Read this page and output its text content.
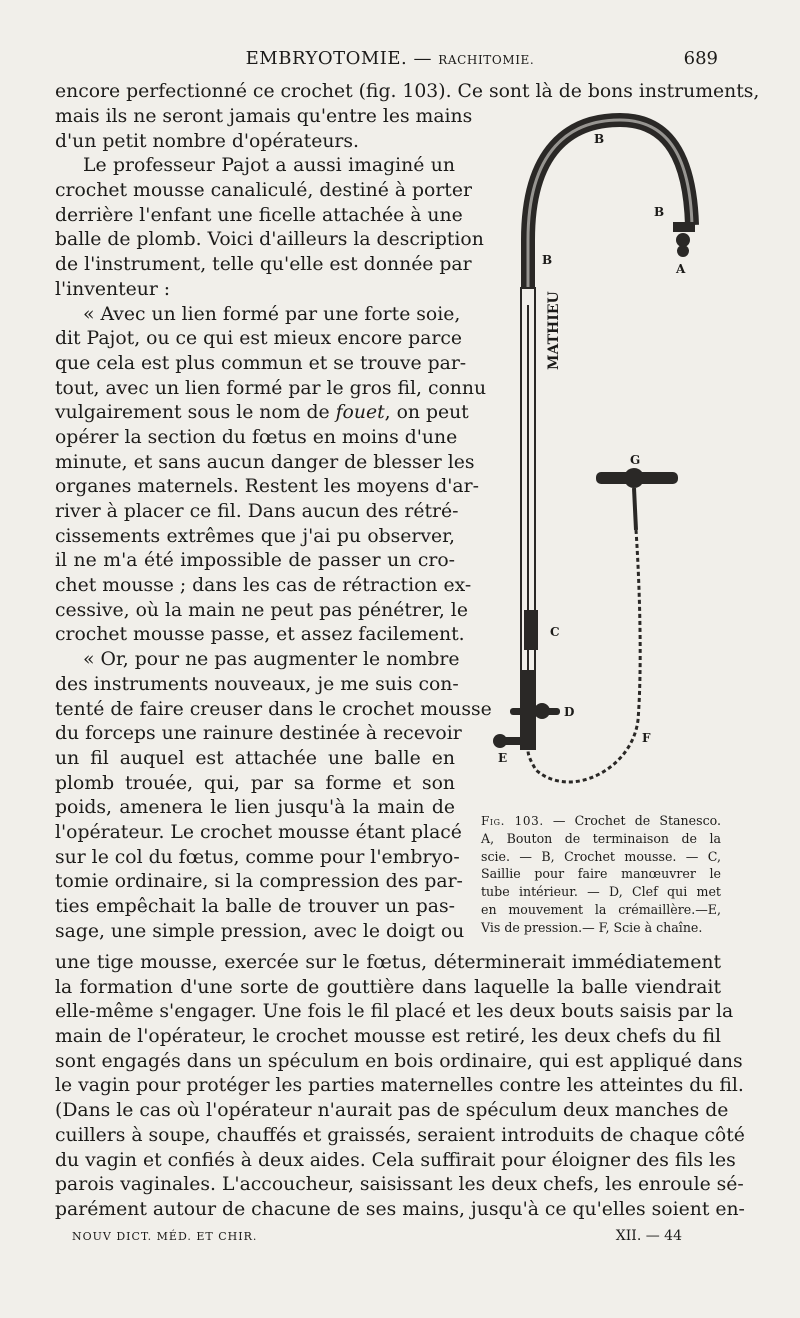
EMBRYOTOMIE. — RACHITOMIE.	689
encore perfectionné ce crochet (fig. 103). Ce sont là de bons instruments,
mais ils ne seront jamais qu'entre les mains
d'un petit nombre d'opérateurs.
Le professeur Pajot a aussi imaginé un
crochet mousse canaliculé, destiné à porter
derrière l'enfant une ficelle attachée à une
balle de plomb. Voici d'ailleurs la description
de l'instrument, telle qu'elle est donnée par
l'inventeur :
« Avec un lien formé par une forte soie,
dit Pajot, ou ce qui est mieux encore parce
que cela est plus commun et se trouve par-
tout, avec un lien formé par le gros fil, connu
vulgairement sous le nom de fouet, on peut
opérer la section du fœtus en moins d'une
minute, et sans aucun danger de blesser les
organes maternels. Restent les moyens d'ar-
river à placer ce fil. Dans aucun des rétré-
cissements extrêmes que j'ai pu observer,
il ne m'a été impossible de passer un cro-
chet mousse ; dans les cas de rétraction ex-
cessive, où la main ne peut pas pénétrer, le
crochet mousse passe, et assez facilement.
« Or, pour ne pas augmenter le nombre
des instruments nouveaux, je me suis con-
tenté de faire creuser dans le crochet mousse
du forceps une rainure destinée à recevoir
un fil auquel est attachée une balle en
plomb trouée, qui, par sa forme et son
poids, amenera le lien jusqu'à la main de
l'opérateur. Le crochet mousse étant placé
sur le col du fœtus, comme pour l'embryo-
tomie ordinaire, si la compression des par-
ties empêchait la balle de trouver un pas-
sage, une simple pression, avec le doigt ou
une tige mousse, exercée sur le fœtus, déterminerait immédiatement
la formation d'une sorte de gouttière dans laquelle la balle viendrait
elle-même s'engager. Une fois le fil placé et les deux bouts saisis par la
main de l'opérateur, le crochet mousse est retiré, les deux chefs du fil
sont engagés dans un spéculum en bois ordinaire, qui est appliqué dans
le vagin pour protéger les parties maternelles contre les atteintes du fil.
(Dans le cas où l'opérateur n'aurait pas de spéculum deux manches de
cuillers à soupe, chauffés et graissés, seraient introduits de chaque côté
du vagin et confiés à deux aides. Cela suffirait pour éloigner des fils les
parois vaginales. L'accoucheur, saisissant les deux chefs, les enroule sé-
parément autour de chacune de ses mains, jusqu'à ce qu'elles soient en-
MATHIEU
B
B
A
B
G
C
D
F
E
Fig. 103. — Crochet de Stanesco.
A, Bouton de terminaison de la
scie. — B, Crochet mousse. — C,
Saillie pour faire manœuvrer le
tube intérieur. — D, Clef qui met
en mouvement la crémaillère.—E,
Vis de pression.— F, Scie à chaîne.
NOUV DICT. MÉD. ET CHIR.	XII. — 44
